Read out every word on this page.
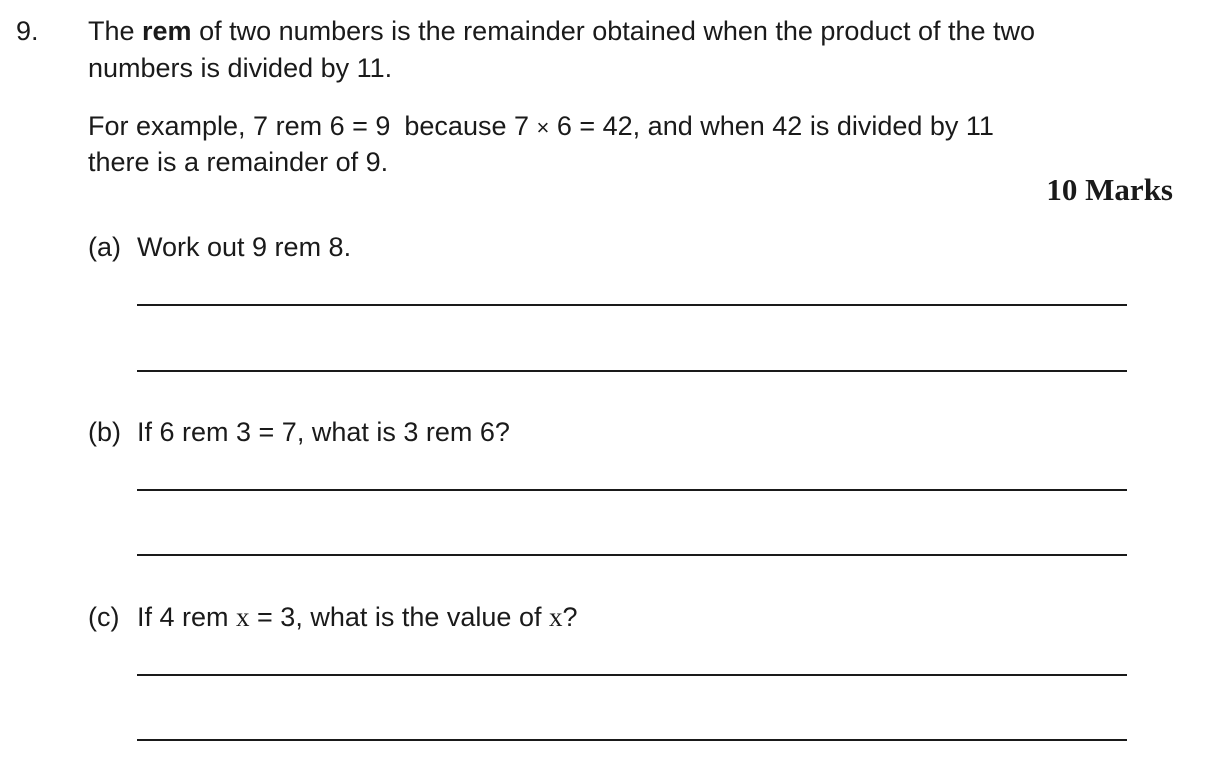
9. The rem of two numbers is the remainder obtained when the product of the two
numbers is divided by 11.
For example, 7 rem 6 = 9 because 7 × 6 = 42, and when 42 is divided by 11
there is a remainder of 9.
10 Marks
(a) Work out 9 rem 8.
(b) If 6 rem 3 = 7, what is 3 rem 6?
(c) If 4 rem x = 3, what is the value of x?
